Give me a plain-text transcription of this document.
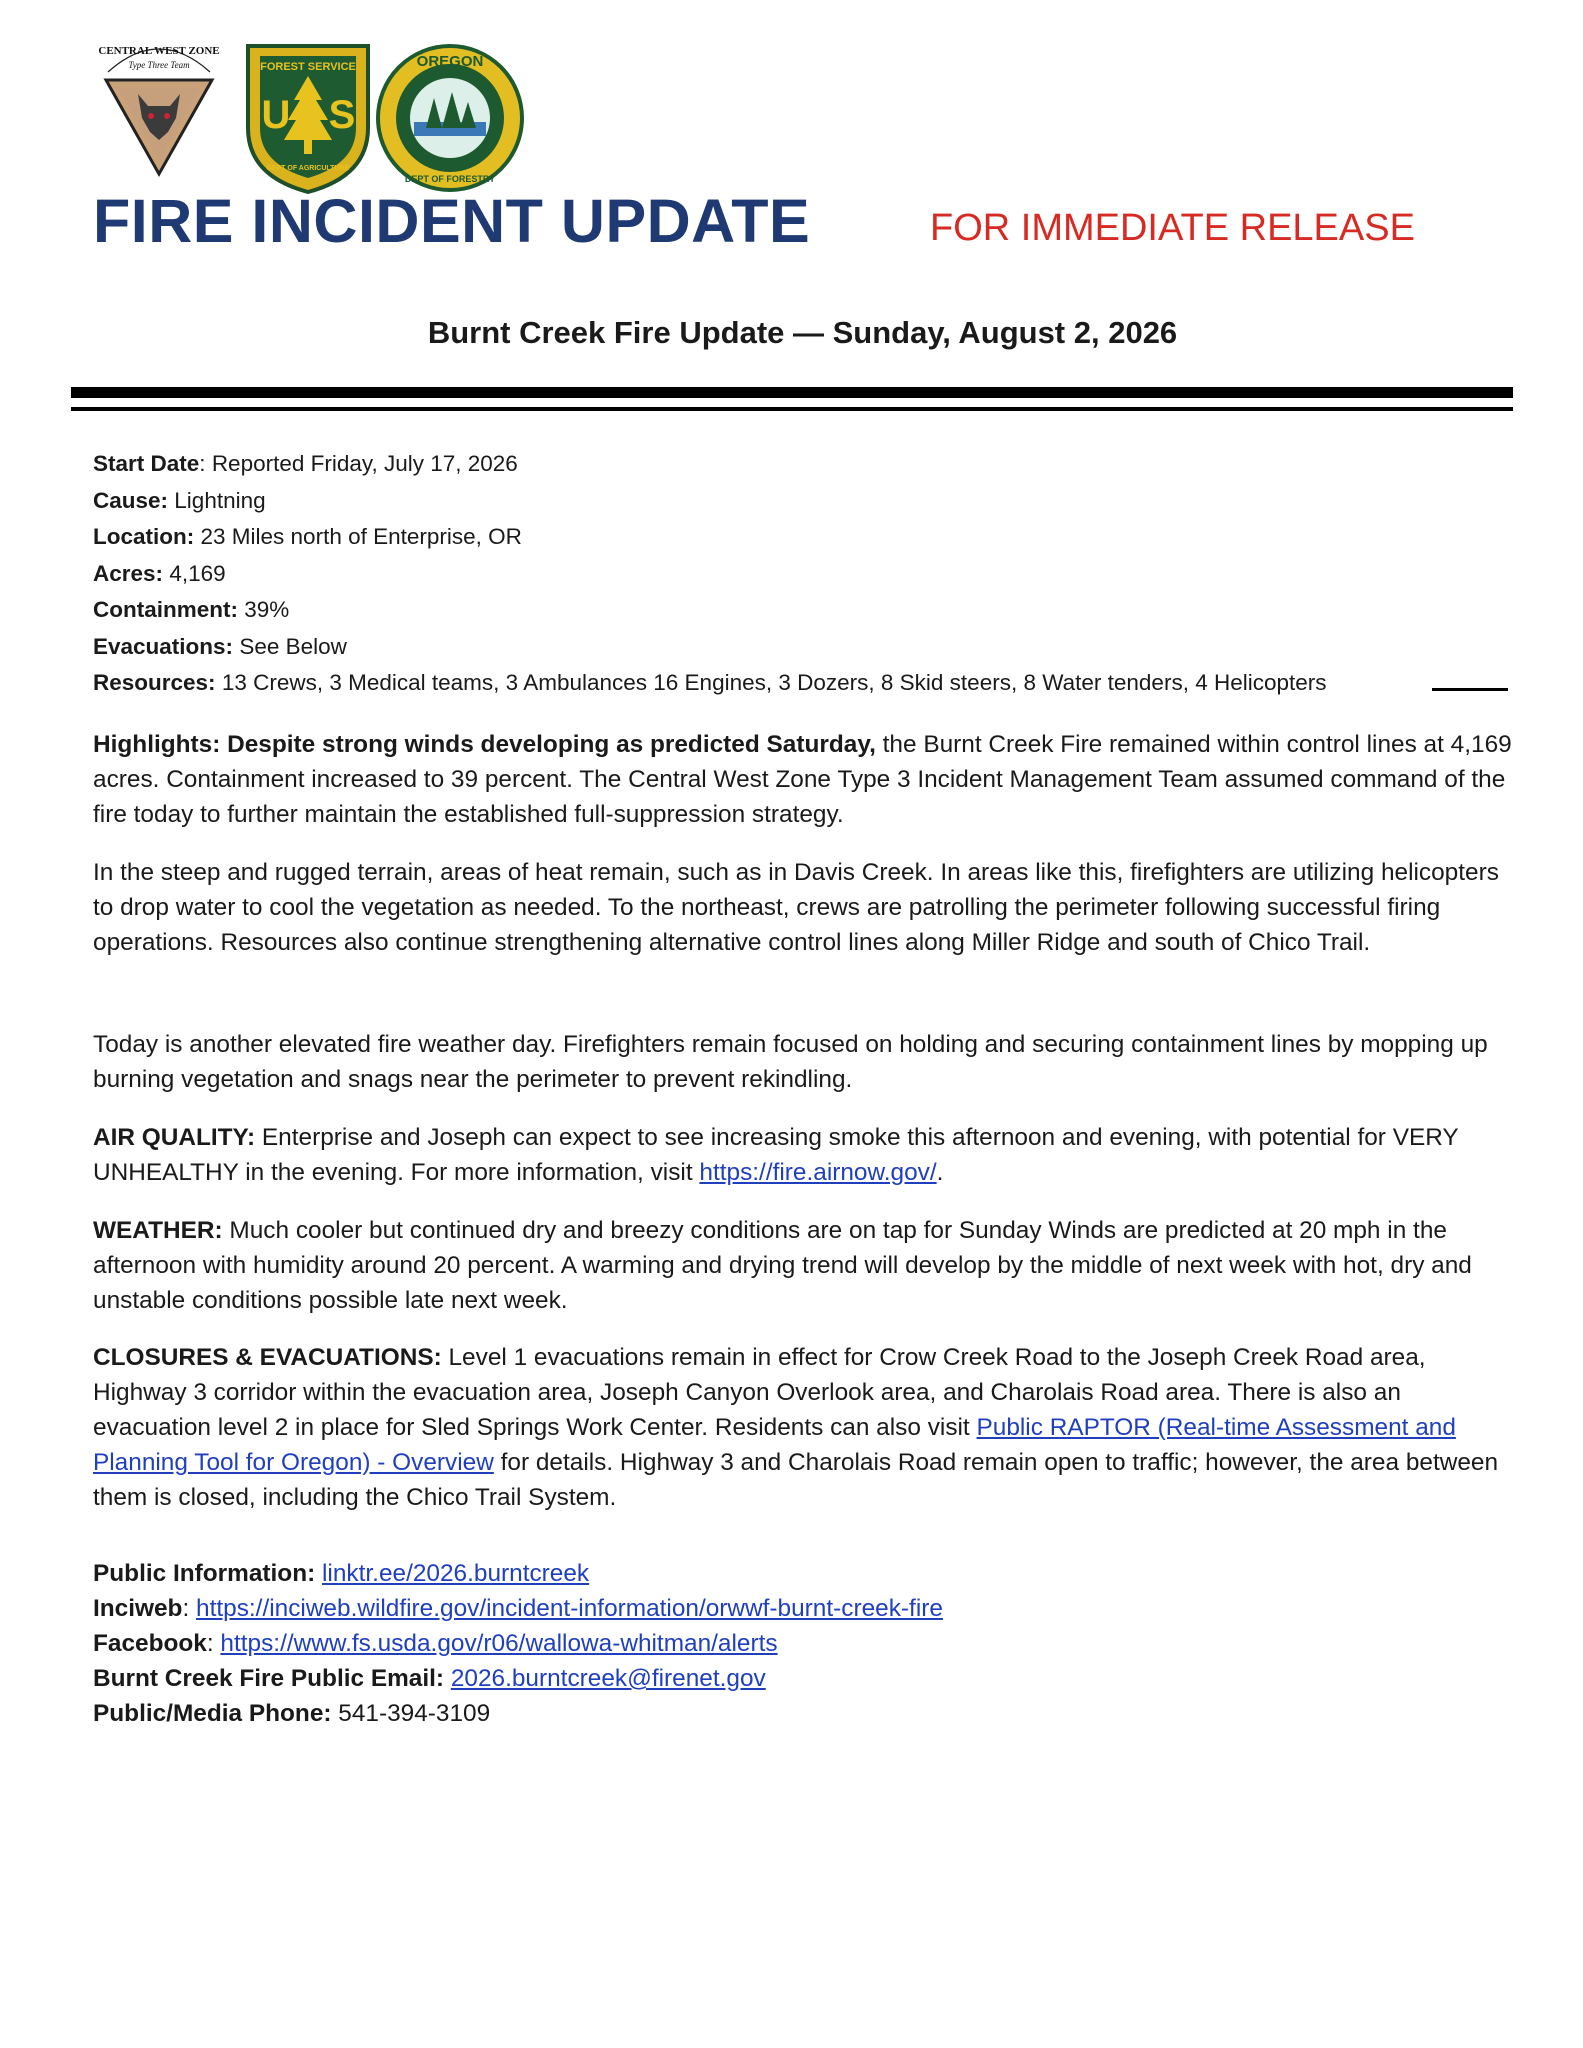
CENTRAL WEST ZONE
Type Three Team	FOREST SERVICE
U S
DEPT OF AGRICULTURE
OREGON
DEPT OF FORESTRY
FIRE INCIDENT UPDATE	FOR IMMEDIATE RELEASE
Burnt Creek Fire Update — Sunday, August 2, 2026
Start Date: Reported Friday, July 17, 2026
Cause: Lightning
Location: 23 Miles north of Enterprise, OR
Acres: 4,169
Containment: 39%
Evacuations: See Below
Resources: 13 Crews, 3 Medical teams, 3 Ambulances 16 Engines, 3 Dozers, 8 Skid steers, 8 Water tenders, 4 Helicopters

Highlights: Despite strong winds developing as predicted Saturday, the Burnt Creek Fire remained within control lines at 4,169 acres. Containment increased to 39 percent. The Central West Zone Type 3 Incident Management Team assumed command of the fire today to further maintain the established full-suppression strategy.

In the steep and rugged terrain, areas of heat remain, such as in Davis Creek. In areas like this, firefighters are utilizing helicopters to drop water to cool the vegetation as needed. To the northeast, crews are patrolling the perimeter following successful firing operations. Resources also continue strengthening alternative control lines along Miller Ridge and south of Chico Trail.

Today is another elevated fire weather day. Firefighters remain focused on holding and securing containment lines by mopping up burning vegetation and snags near the perimeter to prevent rekindling.

AIR QUALITY: Enterprise and Joseph can expect to see increasing smoke this afternoon and evening, with potential for VERY UNHEALTHY in the evening. For more information, visit https://fire.airnow.gov/.

WEATHER: Much cooler but continued dry and breezy conditions are on tap for Sunday Winds are predicted at 20 mph in the afternoon with humidity around 20 percent. A warming and drying trend will develop by the middle of next week with hot, dry and unstable conditions possible late next week.

CLOSURES & EVACUATIONS: Level 1 evacuations remain in effect for Crow Creek Road to the Joseph Creek Road area, Highway 3 corridor within the evacuation area, Joseph Canyon Overlook area, and Charolais Road area. There is also an evacuation level 2 in place for Sled Springs Work Center. Residents can also visit Public RAPTOR (Real-time Assessment and Planning Tool for Oregon) - Overview for details. Highway 3 and Charolais Road remain open to traffic; however, the area between them is closed, including the Chico Trail System.

Public Information: linktr.ee/2026.burntcreek
Inciweb: https://inciweb.wildfire.gov/incident-information/orwwf-burnt-creek-fire
Facebook: https://www.fs.usda.gov/r06/wallowa-whitman/alerts
Burnt Creek Fire Public Email: 2026.burntcreek@firenet.gov
Public/Media Phone: 541-394-3109
